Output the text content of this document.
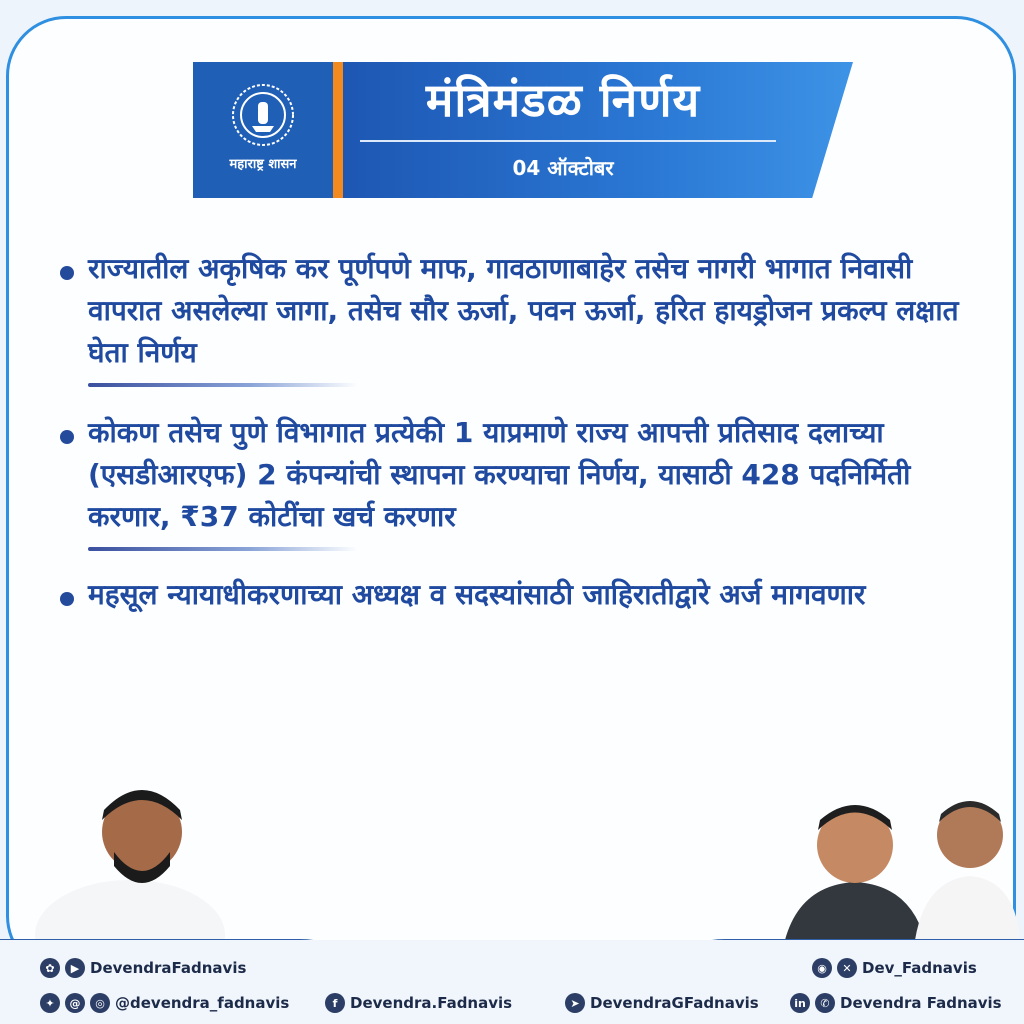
महाराष्ट्र शासन
मंत्रिमंडळ निर्णय
04 ऑक्टोबर
राज्यातील अकृषिक कर पूर्णपणे माफ, गावठाणाबाहेर तसेच नागरी भागात निवासी वापरात असलेल्या जागा, तसेच सौर ऊर्जा, पवन ऊर्जा, हरित हायड्रोजन प्रकल्प लक्षात घेता निर्णय
कोकण तसेच पुणे विभागात प्रत्येकी 1 याप्रमाणे राज्य आपत्ती प्रतिसाद दलाच्या (एसडीआरएफ) 2 कंपन्यांची स्थापना करण्याचा निर्णय, यासाठी 428 पदनिर्मिती करणार, ₹37 कोटींचा खर्च करणार
महसूल न्यायाधीकरणाच्या अध्यक्ष व सदस्यांसाठी जाहिरातीद्वारे अर्ज मागवणार
✿	▶ DevendraFadnavis	◉	✕ Dev_Fadnavis
✦	@	◎ @devendra_fadnavis	f Devendra.Fadnavis	➤ DevendraGFadnavis	in	✆ Devendra Fadnavis
